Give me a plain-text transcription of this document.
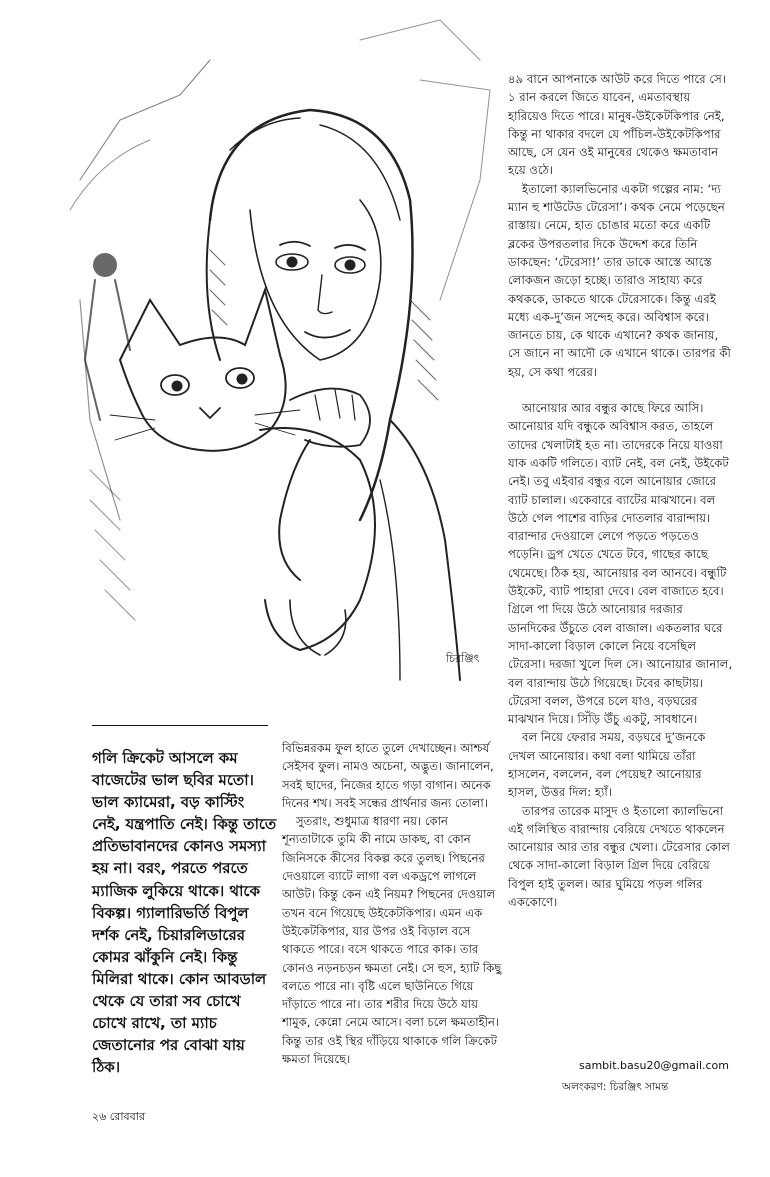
চিরঞ্জিৎ

৪৯ বানে আপনাকে আউট করে দিতে পারে সে। ১ রান করলে জিতে যাবেন, এমতাবস্থায় হারিয়েও দিতে পারে। মানুষ-উইকেটকিপার নেই, কিন্তু না থাকার বদলে যে পাঁচিল-উইকেটকিপার আছে, সে যেন ওই মানুষের থেকেও ক্ষমতাবান হয়ে ওঠে।

ইতালো ক্যালভিনোর একটা গল্পের নাম: ‘দ্য ম্যান হু শাউটেড টেরেসা’। কথক নেমে পড়েছেন রাস্তায়। নেমে, হাত চোঙার মতো করে একটি ব্লকের উপরতলার দিকে উদ্দেশ করে তিনি ডাকছেন: ‘টেরেসা!’ তার ডাকে আস্তে আস্তে লোকজন জড়ো হচ্ছে। তারাও সাহায্য করে কথককে, ডাকতে থাকে টেরেসাকে। কিন্তু এরই মধ্যে এক-দু’জন সন্দেহ করে। অবিশ্বাস করে। জানতে চায়, কে থাকে এখানে? কথক জানায়, সে জানে না আদৌ কে এখানে থাকে। তারপর কী হয়, সে কথা পরের।

আনোয়ার আর বন্ধুর কাছে ফিরে আসি। আনোয়ার যদি বন্ধুকে অবিশ্বাস করত, তাহলে তাদের খেলাটাই হত না। তাদেরকে নিয়ে যাওয়া যাক একটি গলিতে। ব্যাট নেই, বল নেই, উইকেট নেই। তবু এইবার বন্ধুর বলে আনোয়ার জোরে ব্যাট চালাল। একেবারে ব্যাটের মাঝখানে। বল উঠে গেল পাশের বাড়ির দোতলার বারান্দায়। বারান্দার দেওয়ালে লেগে পড়তে পড়তেও পড়েনি। ড্রপ খেতে খেতে টবে, গাছের কাছে থেমেছে। ঠিক হয়, আনোয়ার বল আনবে। বন্ধুটি উইকেট, ব্যাট পাহারা দেবে। বেল বাজাতে হবে। গ্রিলে পা দিয়ে উঠে আনোয়ার দরজার ডানদিকের উঁচুতে বেল বাজাল। একতলার ঘরে সাদা-কালো বিড়াল কোলে নিয়ে বসেছিল টেরেসা। দরজা খুলে দিল সে। আনোয়ার জানাল, বল বারান্দায় উঠে গিয়েছে। টবের কাছটায়। টেরেসা বলল, উপরে চলে যাও, বড়ঘরের মাঝখান দিয়ে। সিঁড়ি উঁচু একটু, সাবধানে।

বল নিয়ে ফেরার সময়, বড়ঘরে দু’জনকে দেখল আনোয়ার। কথা বলা থামিয়ে তাঁরা হাসলেন, বললেন, বল পেয়েছ? আনোয়ার হাসল, উত্তর দিল: হ্যাঁ।

তারপর তারেক মাসুদ ও ইতালো ক্যালভিনো এই গলিস্থিত বারান্দায় বেরিয়ে দেখতে থাকলেন আনোয়ার আর তার বন্ধুর খেলা। টেরেসার কোল থেকে সাদা-কালো বিড়াল গ্রিল দিয়ে বেরিয়ে বিপুল হাই তুলল। আর ঘুমিয়ে পড়ল গলির এককোণে।

গলি ক্রিকেট আসলে কম বাজেটের ভাল ছবির মতো। ভাল ক্যামেরা, বড় কাস্টিং নেই, যন্ত্রপাতি নেই। কিন্তু তাতে প্রতিভাবানদের কোনও সমস্যা হয় না। বরং, পরতে পরতে ম্যাজিক লুকিয়ে থাকে। থাকে বিকল্প। গ্যালারিভর্তি বিপুল দর্শক নেই, চিয়ারলিডারের কোমর ঝাঁকুনি নেই। কিন্তু মিলিরা থাকে। কোন আবডাল থেকে যে তারা সব চোখে চোখে রাখে, তা ম্যাচ জেতানোর পর বোঝা যায় ঠিক।

বিভিন্নরকম ফুল হাতে তুলে দেখাচ্ছেন। আশ্চর্য সেইসব ফুল। নামও অচেনা, অদ্ভুত। জানালেন, সবই ছাদের, নিজের হাতে গড়া বাগান। অনেক দিনের শখ। সবই সন্ধের প্রার্থনার জন্য তোলা।

সুতরাং, শুধুমাত্র ধারণা নয়। কোন শূন্যতাটাকে তুমি কী নামে ডাকছ, বা কোন জিনিসকে কীসের বিকল্প করে তুলছ। পিছনের দেওয়ালে ব্যাটে লাগা বল একড্রপে লাগলে আউট। কিন্তু কেন এই নিয়ম? পিছনের দেওয়াল তখন বনে গিয়েছে উইকেটকিপার। এমন এক উইকেটকিপার, যার উপর ওই বিড়াল বসে থাকতে পারে। বসে থাকতে পারে কাক। তার কোনও নড়নচড়ন ক্ষমতা নেই। সে হুস, হ্যাট কিছু বলতে পারে না। বৃষ্টি এলে ছাউনিতে গিয়ে দাঁড়াতে পারে না। তার শরীর দিয়ে উঠে যায় শামুক, কেন্নো নেমে আসে। বলা চলে ক্ষমতাহীন। কিন্তু তার ওই স্থির দাঁড়িয়ে থাকাকে গলি ক্রিকেট ক্ষমতা দিয়েছে।	sambit.basu20@gmail.com
অলংকরণ: চিরঞ্জিৎ সামন্ত
২৬ রোববার
